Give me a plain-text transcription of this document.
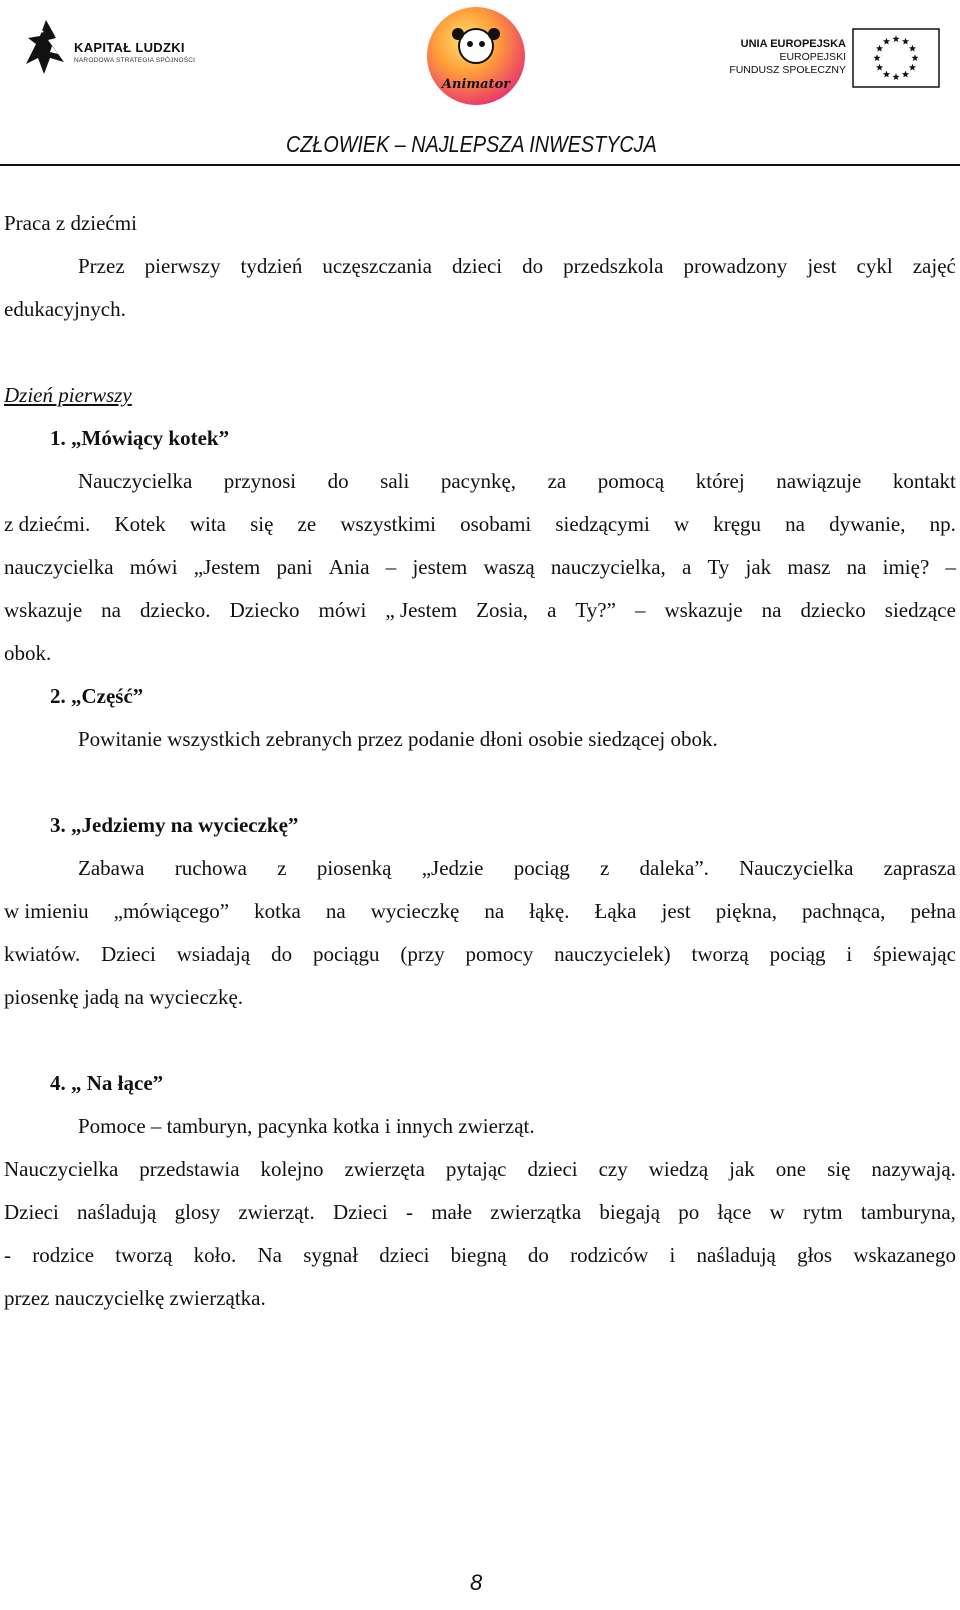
KAPITAŁ LUDZKI
NARODOWA STRATEGIA SPÓJNOŚCI
Animator
UNIA EUROPEJSKA
EUROPEJSKI
FUNDUSZ SPOŁECZNY
CZŁOWIEK – NAJLEPSZA INWESTYCJA

Praca z dziećmi

Przez pierwszy tydzień uczęszczania dzieci do przedszkola prowadzony jest cykl zajęć

edukacyjnych.

Dzień pierwszy

1. „Mówiący kotek”

Nauczycielka przynosi do sali pacynkę, za pomocą której nawiązuje kontakt
z dziećmi. Kotek wita się ze wszystkimi osobami siedzącymi w kręgu na dywanie, np.
nauczycielka mówi „Jestem pani Ania – jestem waszą nauczycielka, a Ty jak masz na imię? –
wskazuje na dziecko. Dziecko mówi „ Jestem Zosia, a Ty?” – wskazuje na dziecko siedzące

obok.

2. „Część”

Powitanie wszystkich zebranych przez podanie dłoni osobie siedzącej obok.

3. „Jedziemy na wycieczkę”

Zabawa ruchowa z piosenką „Jedzie pociąg z daleka”. Nauczycielka zaprasza
w imieniu „mówiącego” kotka na wycieczkę na łąkę. Łąka jest piękna, pachnąca, pełna
kwiatów. Dzieci wsiadają do pociągu (przy pomocy nauczycielek) tworzą pociąg i śpiewając

piosenkę jadą na wycieczkę.

4. „ Na łące”

Pomoce – tamburyn, pacynka kotka i innych zwierząt.

Nauczycielka przedstawia kolejno zwierzęta pytając dzieci czy wiedzą jak one się nazywają.
Dzieci naśladują glosy zwierząt. Dzieci - małe zwierzątka biegają po łące w rytm tamburyna,
- rodzice tworzą koło. Na sygnał dzieci biegną do rodziców i naśladują głos wskazanego

przez nauczycielkę zwierzątka.

8
